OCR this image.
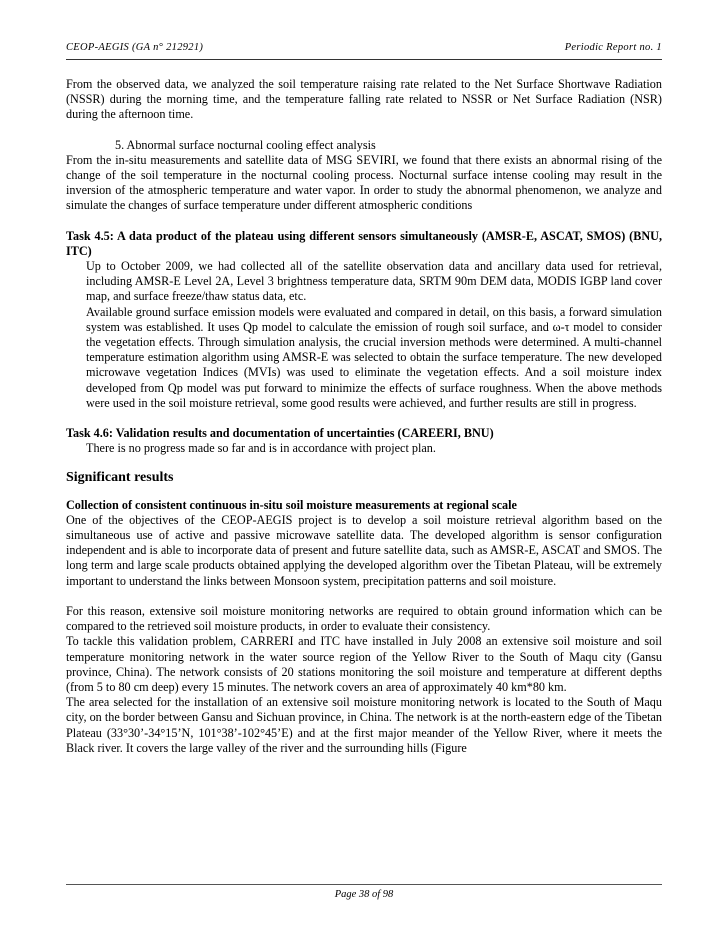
CEOP-AEGIS (GA n° 212921)	Periodic Report no. 1

From the observed data, we analyzed the soil temperature raising rate related to the Net Surface Shortwave Radiation (NSSR) during the morning time, and the temperature falling rate related to NSSR or Net Surface Radiation (NSR) during the afternoon time.

5. Abnormal surface nocturnal cooling effect analysis

From the in-situ measurements and satellite data of MSG SEVIRI, we found that there exists an abnormal rising of the change of the soil temperature in the nocturnal cooling process. Nocturnal surface intense cooling may result in the inversion of the atmospheric temperature and water vapor. In order to study the abnormal phenomenon, we analyze and simulate the changes of surface temperature under different atmospheric conditions

Task 4.5: A data product of the plateau using different sensors simultaneously (AMSR-E, ASCAT, SMOS) (BNU, ITC)

Up to October 2009, we had collected all of the satellite observation data and ancillary data used for retrieval, including AMSR-E Level 2A, Level 3 brightness temperature data, SRTM 90m DEM data, MODIS IGBP land cover map, and surface freeze/thaw status data, etc.

Available ground surface emission models were evaluated and compared in detail, on this basis, a forward simulation system was established. It uses Qp model to calculate the emission of rough soil surface, and ω-τ model to consider the vegetation effects. Through simulation analysis, the crucial inversion methods were determined. A multi-channel temperature estimation algorithm using AMSR-E was selected to obtain the surface temperature. The new developed microwave vegetation Indices (MVIs) was used to eliminate the vegetation effects. And a soil moisture index developed from Qp model was put forward to minimize the effects of surface roughness. When the above methods were used in the soil moisture retrieval, some good results were achieved, and further results are still in progress.

Task 4.6: Validation results and documentation of uncertainties (CAREERI, BNU)

There is no progress made so far and is in accordance with project plan.

Significant results

Collection of consistent continuous in-situ soil moisture measurements at regional scale

One of the objectives of the CEOP-AEGIS project is to develop a soil moisture retrieval algorithm based on the simultaneous use of active and passive microwave satellite data. The developed algorithm is sensor configuration independent and is able to incorporate data of present and future satellite data, such as AMSR-E, ASCAT and SMOS. The long term and large scale products obtained applying the developed algorithm over the Tibetan Plateau, will be extremely important to understand the links between Monsoon system, precipitation patterns and soil moisture.

For this reason, extensive soil moisture monitoring networks are required to obtain ground information which can be compared to the retrieved soil moisture products, in order to evaluate their consistency.

To tackle this validation problem, CARRERI and ITC have installed in July 2008 an extensive soil moisture and soil temperature monitoring network in the water source region of the Yellow River to the South of Maqu city (Gansu province, China). The network consists of 20 stations monitoring the soil moisture and temperature at different depths (from 5 to 80 cm deep) every 15 minutes. The network covers an area of approximately 40 km*80 km.

The area selected for the installation of an extensive soil moisture monitoring network is located to the South of Maqu city, on the border between Gansu and Sichuan province, in China. The network is at the north-eastern edge of the Tibetan Plateau (33°30’-34°15’N, 101°38’-102°45’E) and at the first major meander of the Yellow River, where it meets the Black river. It covers the large valley of the river and the surrounding hills (Figure

Page 38 of 98
